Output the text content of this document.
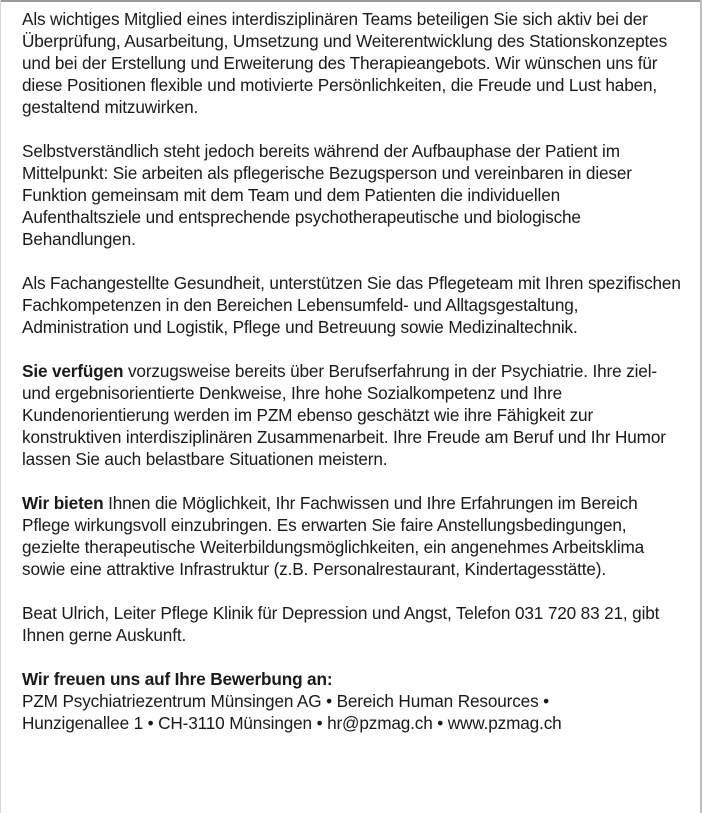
Als wichtiges Mitglied eines interdisziplinären Teams beteiligen Sie sich aktiv bei der Überprüfung, Ausarbeitung, Umsetzung und Weiterentwicklung des Stationskonzeptes und bei der Erstellung und Erweiterung des Therapieangebots. Wir wünschen uns für diese Positionen flexible und motivierte Persönlichkeiten, die Freude und Lust haben, gestaltend mitzuwirken.

Selbstverständlich steht jedoch bereits während der Aufbauphase der Patient im Mittelpunkt: Sie arbeiten als pflegerische Bezugsperson und vereinbaren in dieser Funktion gemeinsam mit dem Team und dem Patienten die individuellen Aufenthaltsziele und entsprechende psychotherapeutische und biologische Behandlungen.

Als Fachangestellte Gesundheit, unterstützen Sie das Pflegeteam mit Ihren spezifischen Fachkompetenzen in den Bereichen Lebensumfeld- und Alltagsgestaltung, Administration und Logistik, Pflege und Betreuung sowie Medizinaltechnik.

Sie verfügen vorzugsweise bereits über Berufserfahrung in der Psychiatrie. Ihre ziel- und ergebnisorientierte Denkweise, Ihre hohe Sozialkompetenz und Ihre Kundenorientierung werden im PZM ebenso geschätzt wie ihre Fähigkeit zur konstruktiven interdisziplinären Zusammenarbeit. Ihre Freude am Beruf und Ihr Humor lassen Sie auch belastbare Situationen meistern.

Wir bieten Ihnen die Möglichkeit, Ihr Fachwissen und Ihre Erfahrungen im Bereich Pflege wirkungsvoll einzubringen. Es erwarten Sie faire Anstellungsbedingungen, gezielte therapeutische Weiterbildungsmöglichkeiten, ein angenehmes Arbeitsklima sowie eine attraktive Infrastruktur (z.B. Personalrestaurant, Kindertagesstätte).

Beat Ulrich, Leiter Pflege Klinik für Depression und Angst, Telefon 031 720 83 21, gibt Ihnen gerne Auskunft.

Wir freuen uns auf Ihre Bewerbung an:
PZM Psychiatriezentrum Münsingen AG • Bereich Human Resources •
Hunzigenallee 1 • CH-3110 Münsingen • hr@pzmag.ch • www.pzmag.ch
